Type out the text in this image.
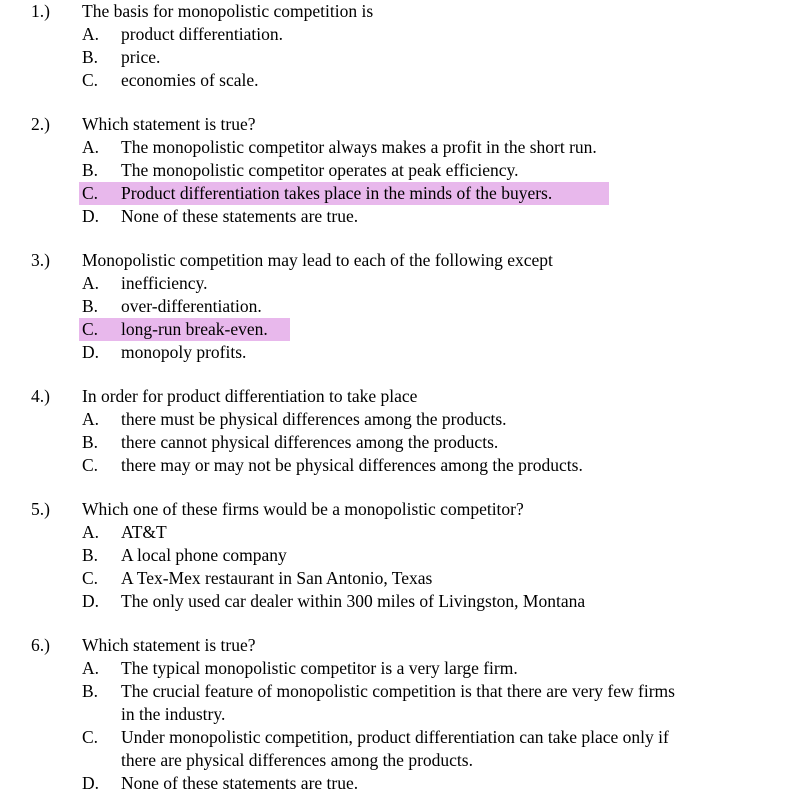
1.) The basis for monopolistic competition is
A.	product differentiation.
B.	price.
C.	economies of scale.
2.) Which statement is true?
A.	The monopolistic competitor always makes a profit in the short run.
B.	The monopolistic competitor operates at peak efficiency.
C.	Product differentiation takes place in the minds of the buyers.
D.	None of these statements are true.
3.) Monopolistic competition may lead to each of the following except
A.	inefficiency.
B.	over-differentiation.
C.	long-run break-even.
D.	monopoly profits.
4.) In order for product differentiation to take place
A.	there must be physical differences among the products.
B.	there cannot physical differences among the products.
C.	there may or may not be physical differences among the products.
5.) Which one of these firms would be a monopolistic competitor?
A.	AT&T
B.	A local phone company
C.	A Tex-Mex restaurant in San Antonio, Texas
D.	The only used car dealer within 300 miles of Livingston, Montana
6.) Which statement is true?
A.	The typical monopolistic competitor is a very large firm.
B.	The crucial feature of monopolistic competition is that there are very few firms
in the industry.
C.	Under monopolistic competition, product differentiation can take place only if
there are physical differences among the products.
D.	None of these statements are true.
